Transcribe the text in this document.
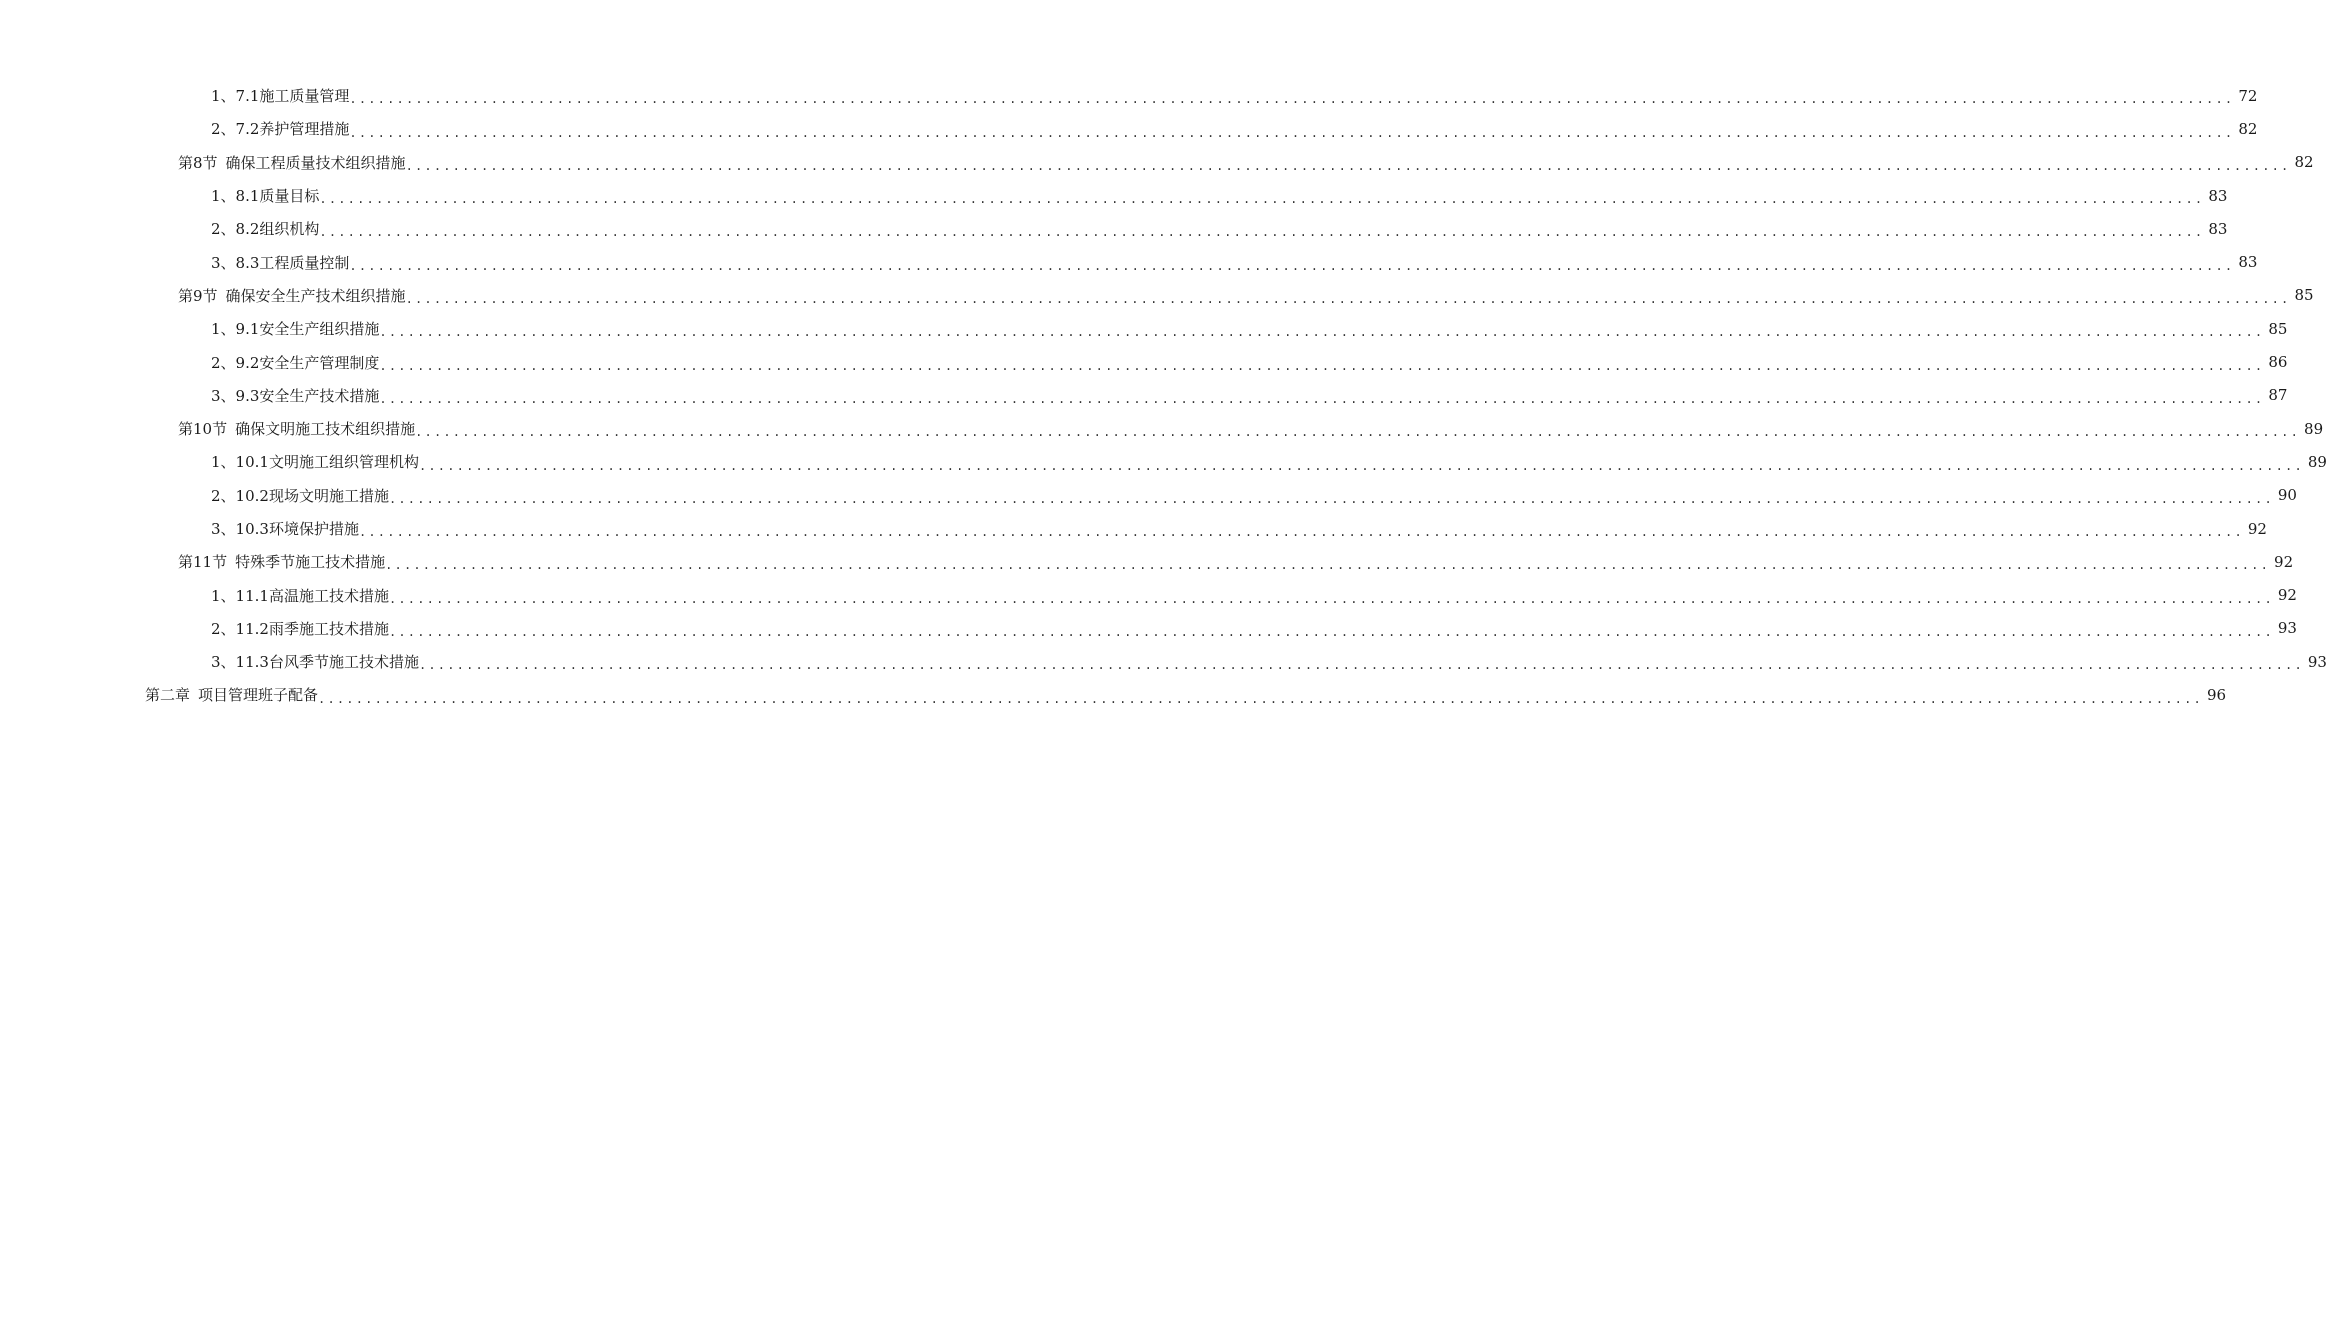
1、 7.1施工质量管理 ........................................................................................................................................................................................................ 72
2、 7.2养护管理措施 ........................................................................................................................................................................................................ 82
第8节 确保工程质量技术组织措施 ........................................................................................................................................................................................................ 82
1、 8.1质量目标 ........................................................................................................................................................................................................ 83
2、 8.2组织机构 ........................................................................................................................................................................................................ 83
3、 8.3工程质量控制 ........................................................................................................................................................................................................ 83
第9节 确保安全生产技术组织措施 ........................................................................................................................................................................................................ 85
1、 9.1安全生产组织措施 ........................................................................................................................................................................................................ 85
2、 9.2安全生产管理制度 ........................................................................................................................................................................................................ 86
3、 9.3安全生产技术措施 ........................................................................................................................................................................................................ 87
第10节 确保文明施工技术组织措施 ........................................................................................................................................................................................................ 89
1、 10.1文明施工组织管理机构 ........................................................................................................................................................................................................ 89
2、 10.2现场文明施工措施 ........................................................................................................................................................................................................ 90
3、 10.3环境保护措施 ........................................................................................................................................................................................................ 92
第11节 特殊季节施工技术措施 ........................................................................................................................................................................................................ 92
1、 11.1高温施工技术措施 ........................................................................................................................................................................................................ 92
2、 11.2雨季施工技术措施 ........................................................................................................................................................................................................ 93
3、 11.3台风季节施工技术措施 ........................................................................................................................................................................................................ 93
第二章 项目管理班子配备 ........................................................................................................................................................................................................ 96
